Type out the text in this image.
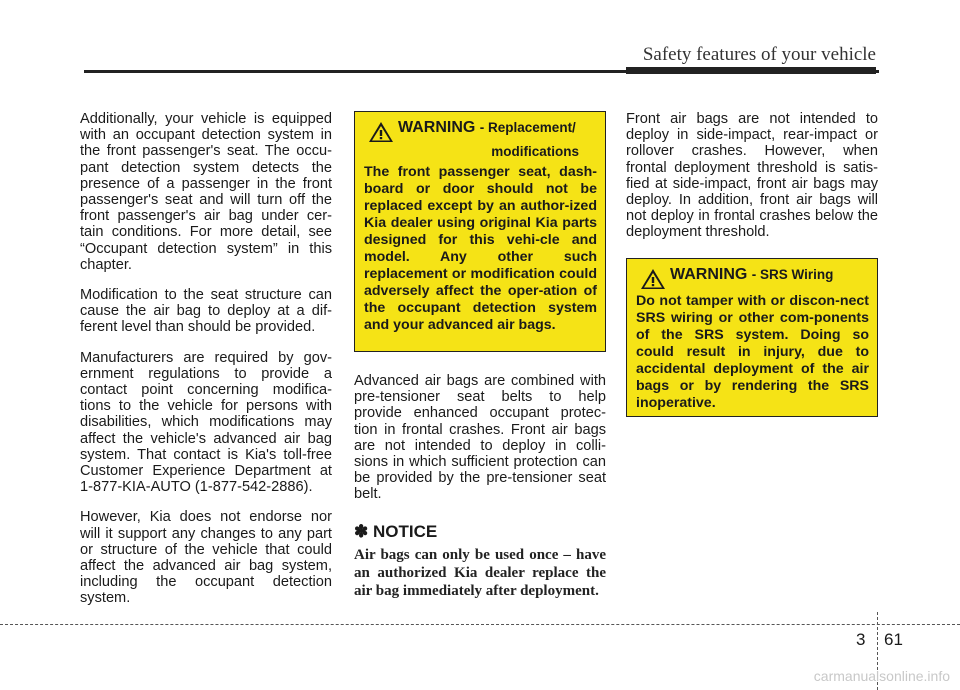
Safety features of your vehicle

Additionally, your vehicle is equipped with an occupant detection system in the front passenger's seat. The occu-pant detection system detects the presence of a passenger in the front passenger's seat and will turn off the front passenger's air bag under cer-tain conditions. For more detail, see “Occupant detection system” in this chapter.

Modification to the seat structure can cause the air bag to deploy at a dif-ferent level than should be provided.

Manufacturers are required by gov-ernment regulations to provide a contact point concerning modifica-tions to the vehicle for persons with disabilities, which modifications may affect the vehicle's advanced air bag system. That contact is Kia's toll-free Customer Experience Department at 1-877-KIA-AUTO (1-877-542-2886).

However, Kia does not endorse nor will it support any changes to any part or structure of the vehicle that could affect the advanced air bag system, including the occupant detection system.

WARNING - Replacement/
modifications

The front passenger seat, dash-board or door should not be replaced except by an author-ized Kia dealer using original Kia parts designed for this vehi-cle and model. Any other such replacement or modification could adversely affect the oper-ation of the occupant detection system and your advanced air bags.

Advanced air bags are combined with pre-tensioner seat belts to help provide enhanced occupant protec-tion in frontal crashes. Front air bags are not intended to deploy in colli-sions in which sufficient protection can be provided by the pre-tensioner seat belt.

✽ NOTICE

Air bags can only be used once – have an authorized Kia dealer replace the air bag immediately after deployment.

Front air bags are not intended to deploy in side-impact, rear-impact or rollover crashes. However, when frontal deployment threshold is satis-fied at side-impact, front air bags may deploy. In addition, front air bags will not deploy in frontal crashes below the deployment threshold.

WARNING - SRS Wiring

Do not tamper with or discon-nect SRS wiring or other com-ponents of the SRS system. Doing so could result in injury, due to accidental deployment of the air bags or by rendering the SRS inoperative.

3 61
carmanualsonline.info
